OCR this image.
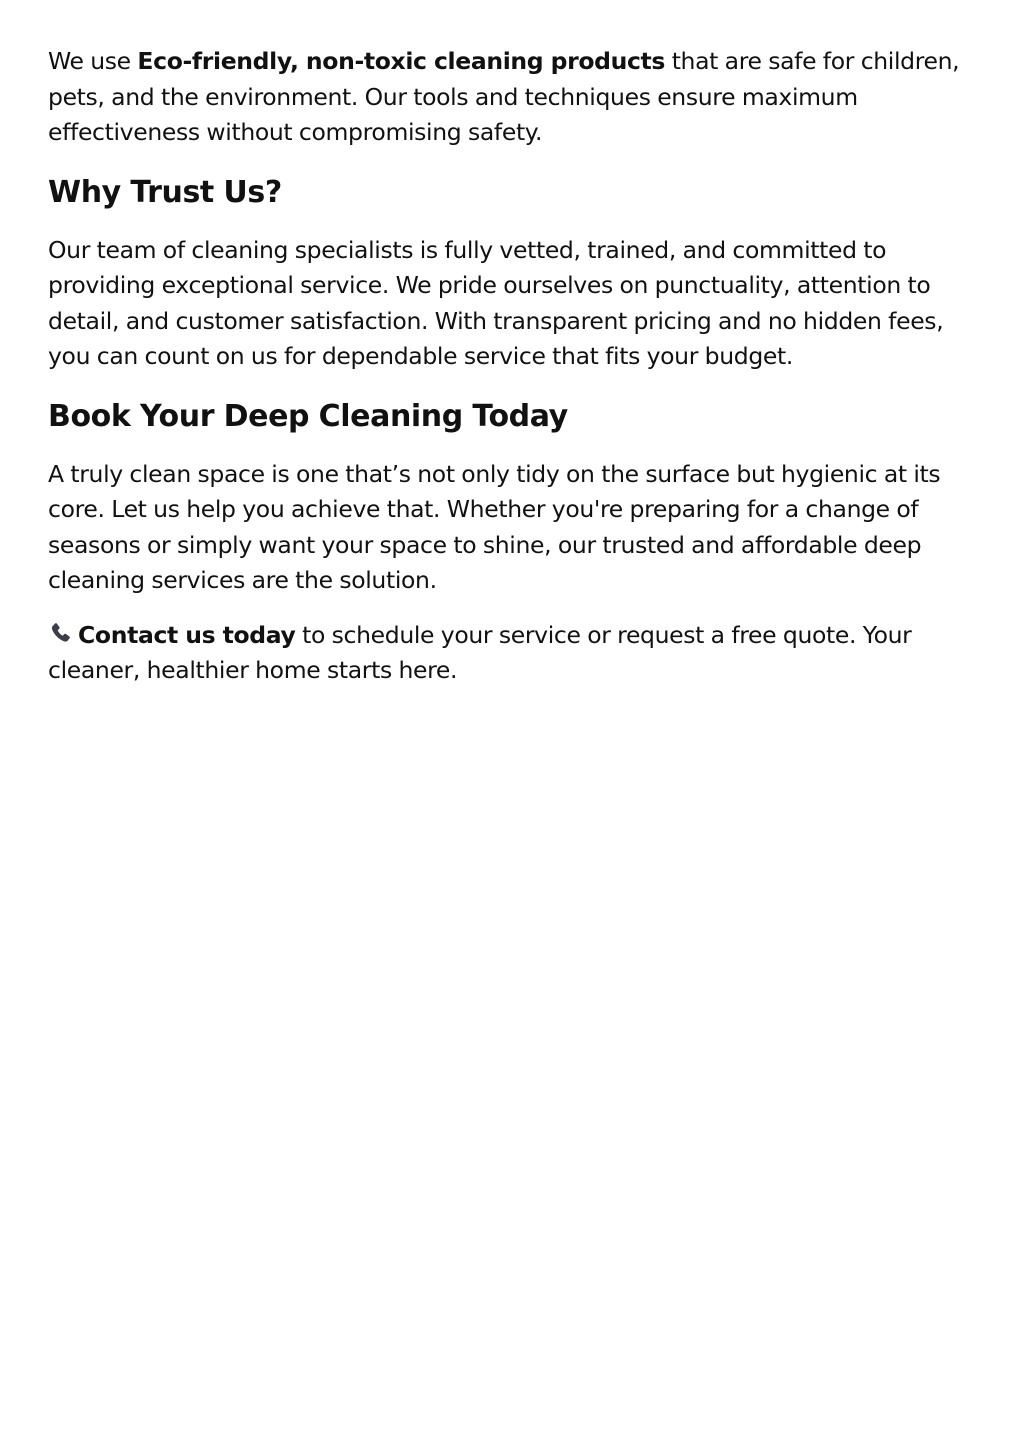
We use Eco-friendly, non-toxic cleaning products that are safe for children, pets, and the environment. Our tools and techniques ensure maximum effectiveness without compromising safety.

Why Trust Us?

Our team of cleaning specialists is fully vetted, trained, and committed to providing exceptional service. We pride ourselves on punctuality, attention to detail, and customer satisfaction. With transparent pricing and no hidden fees, you can count on us for dependable service that fits your budget.

Book Your Deep Cleaning Today

A truly clean space is one that’s not only tidy on the surface but hygienic at its core. Let us help you achieve that. Whether you're preparing for a change of seasons or simply want your space to shine, our trusted and affordable deep cleaning services are the solution.

Contact us today to schedule your service or request a free quote. Your cleaner, healthier home starts here.
